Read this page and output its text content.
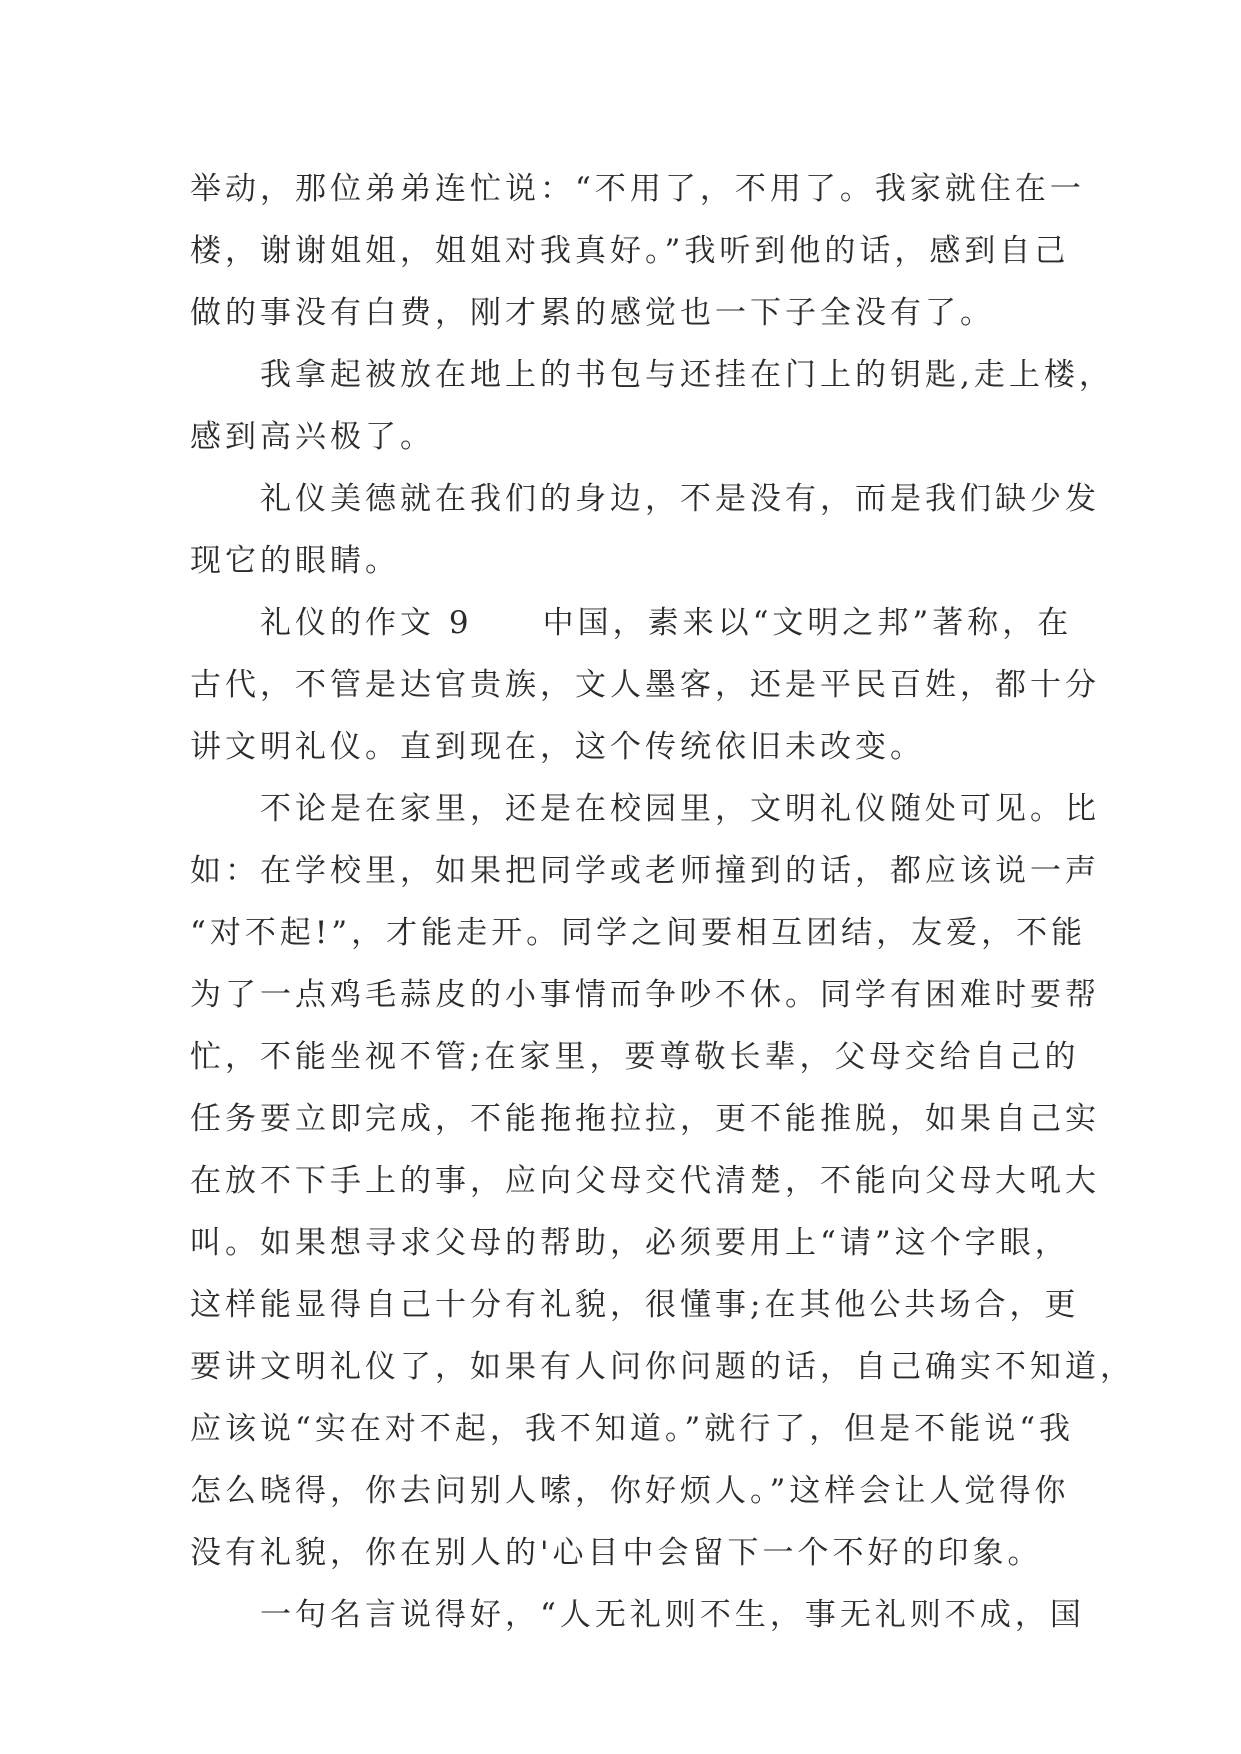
举动，那位弟弟连忙说：“不用了，不用了。我家就住在一
楼，谢谢姐姐，姐姐对我真好。”我听到他的话，感到自己
做的事没有白费，刚才累的感觉也一下子全没有了。
我拿起被放在地上的书包与还挂在门上的钥匙,走上楼，
感到高兴极了。
礼仪美德就在我们的身边，不是没有，而是我们缺少发
现它的眼睛。
礼仪的作文 9　　中国，素来以“文明之邦”著称，在
古代，不管是达官贵族，文人墨客，还是平民百姓，都十分
讲文明礼仪。直到现在，这个传统依旧未改变。
不论是在家里，还是在校园里，文明礼仪随处可见。比
如：在学校里，如果把同学或老师撞到的话，都应该说一声
“对不起!”，才能走开。同学之间要相互团结，友爱，不能
为了一点鸡毛蒜皮的小事情而争吵不休。同学有困难时要帮
忙，不能坐视不管;在家里，要尊敬长辈，父母交给自己的
任务要立即完成，不能拖拖拉拉，更不能推脱，如果自己实
在放不下手上的事，应向父母交代清楚，不能向父母大吼大
叫。如果想寻求父母的帮助，必须要用上“请”这个字眼，
这样能显得自己十分有礼貌，很懂事;在其他公共场合，更
要讲文明礼仪了，如果有人问你问题的话，自己确实不知道，
应该说“实在对不起，我不知道。”就行了，但是不能说“我
怎么晓得，你去问别人嗦，你好烦人。”这样会让人觉得你
没有礼貌，你在别人的'心目中会留下一个不好的印象。
一句名言说得好，“人无礼则不生，事无礼则不成，国
